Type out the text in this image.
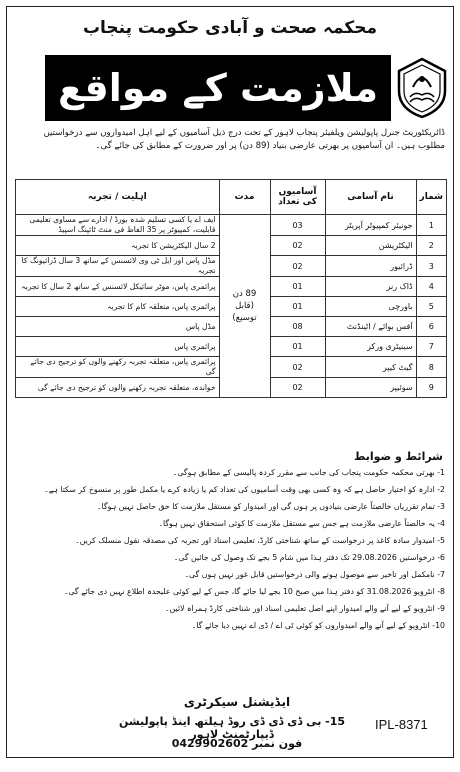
محکمہ صحت و آبادی حکومت پنجاب
ملازمت کے مواقع
ڈائریکٹوریٹ جنرل پاپولیشن ویلفیئر پنجاب لاہور کے تحت درج ذیل آسامیوں کے لیے اہل امیدواروں سے درخواستیں مطلوب ہیں۔ ان آسامیوں پر بھرتی عارضی بنیاد (89 دن) پر اور ضرورت کے مطابق کی جائے گی۔
شمار	نام آسامی	آسامیوں کی تعداد	مدت	اہلیت / تجربہ
1	جونیئر کمپیوٹر آپریٹر	03	89 دن (قابل توسیع)	ایف اے یا کسی تسلیم شدہ بورڈ / ادارے سے مساوی تعلیمی قابلیت، کمپیوٹر پر 35 الفاظ فی منٹ ٹائپنگ اسپیڈ
2	الیکٹریشن	02		2 سال الیکٹریشن کا تجربہ
3	ڈرائیور	02		مڈل پاس اور ایل ٹی وی لائسنس کے ساتھ 3 سال ڈرائیونگ کا تجربہ
4	ڈاک رنر	01		پرائمری پاس، موٹر سائیکل لائسنس کے ساتھ 2 سال کا تجربہ
5	باورچی	01		پرائمری پاس، متعلقہ کام کا تجربہ
6	آفس بوائے / اٹینڈنٹ	08		مڈل پاس
7	سینیٹری ورکر	01		پرائمری پاس
8	گیٹ کیپر	02		پرائمری پاس، متعلقہ تجربہ رکھنے والوں کو ترجیح دی جائے گی
9	سوئیپر	02		خواندہ، متعلقہ تجربہ رکھنے والوں کو ترجیح دی جائے گی
شرائط و ضوابط
1- بھرتی محکمہ حکومت پنجاب کی جانب سے مقرر کردہ پالیسی کے مطابق ہوگی۔
2- ادارہ کو اختیار حاصل ہے کہ وہ کسی بھی وقت آسامیوں کی تعداد کم یا زیادہ کرے یا مکمل طور پر منسوخ کر سکتا ہے۔
3- تمام تقرریاں خالصتاً عارضی بنیادوں پر ہوں گی اور امیدوار کو مستقل ملازمت کا حق حاصل نہیں ہوگا۔
4- یہ خالصتاً عارضی ملازمت ہے جس سے مستقل ملازمت کا کوئی استحقاق نہیں ہوگا۔
5- امیدوار سادہ کاغذ پر درخواست کے ساتھ شناختی کارڈ، تعلیمی اسناد اور تجربہ کی مصدقہ نقول منسلک کریں۔
6- درخواستیں 29.08.2026 تک دفتر ہذا میں شام 5 بجے تک وصول کی جائیں گی۔
7- نامکمل اور تاخیر سے موصول ہونے والی درخواستیں قابل غور نہیں ہوں گی۔
8- انٹرویو 31.08.2026 کو دفتر ہذا میں صبح 10 بجے لیا جائے گا، جس کے لیے کوئی علیحدہ اطلاع نہیں دی جائے گی۔
9- انٹرویو کے لیے آنے والے امیدوار اپنے اصل تعلیمی اسناد اور شناختی کارڈ ہمراہ لائیں۔
10- انٹرویو کے لیے آنے والے امیدواروں کو کوئی ٹی اے / ڈی اے نہیں دیا جائے گا۔
ایڈیشنل سیکرٹری
15- بی ڈی ڈی ڈی روڈ ہیلتھ اینڈ پاپولیشن ڈیپارٹمنٹ لاہور
فون نمبر 0429902602
IPL-8371
